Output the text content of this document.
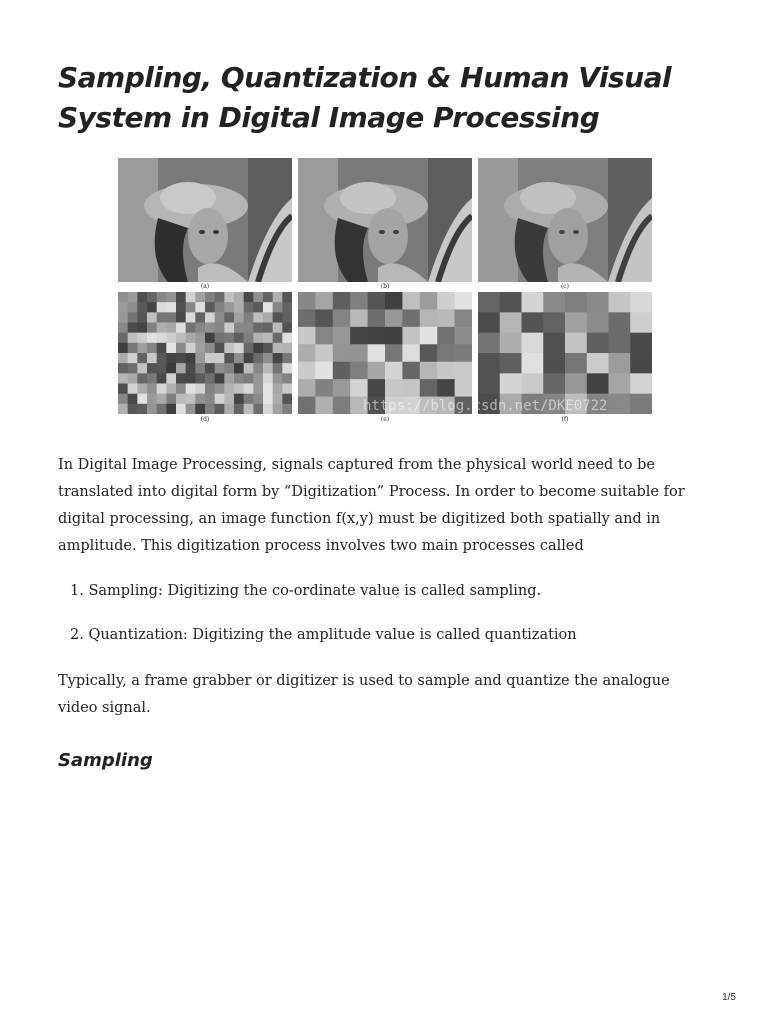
Sampling, Quantization & Human Visual System in Digital Image Processing
(a)	(b)	(c)
(d)	(e)	(f)
https://blog.csdn.net/DKE0722

In Digital Image Processing, signals captured from the physical world need to be translated into digital form by “Digitization” Process. In order to become suitable for digital processing, an image function f(x,y) must be digitized both spatially and in amplitude. This digitization process involves two main processes called

1. Sampling: Digitizing the co-ordinate value is called sampling.
2. Quantization: Digitizing the amplitude value is called quantization

Typically, a frame grabber or digitizer is used to sample and quantize the analogue video signal.

Sampling
1/5
